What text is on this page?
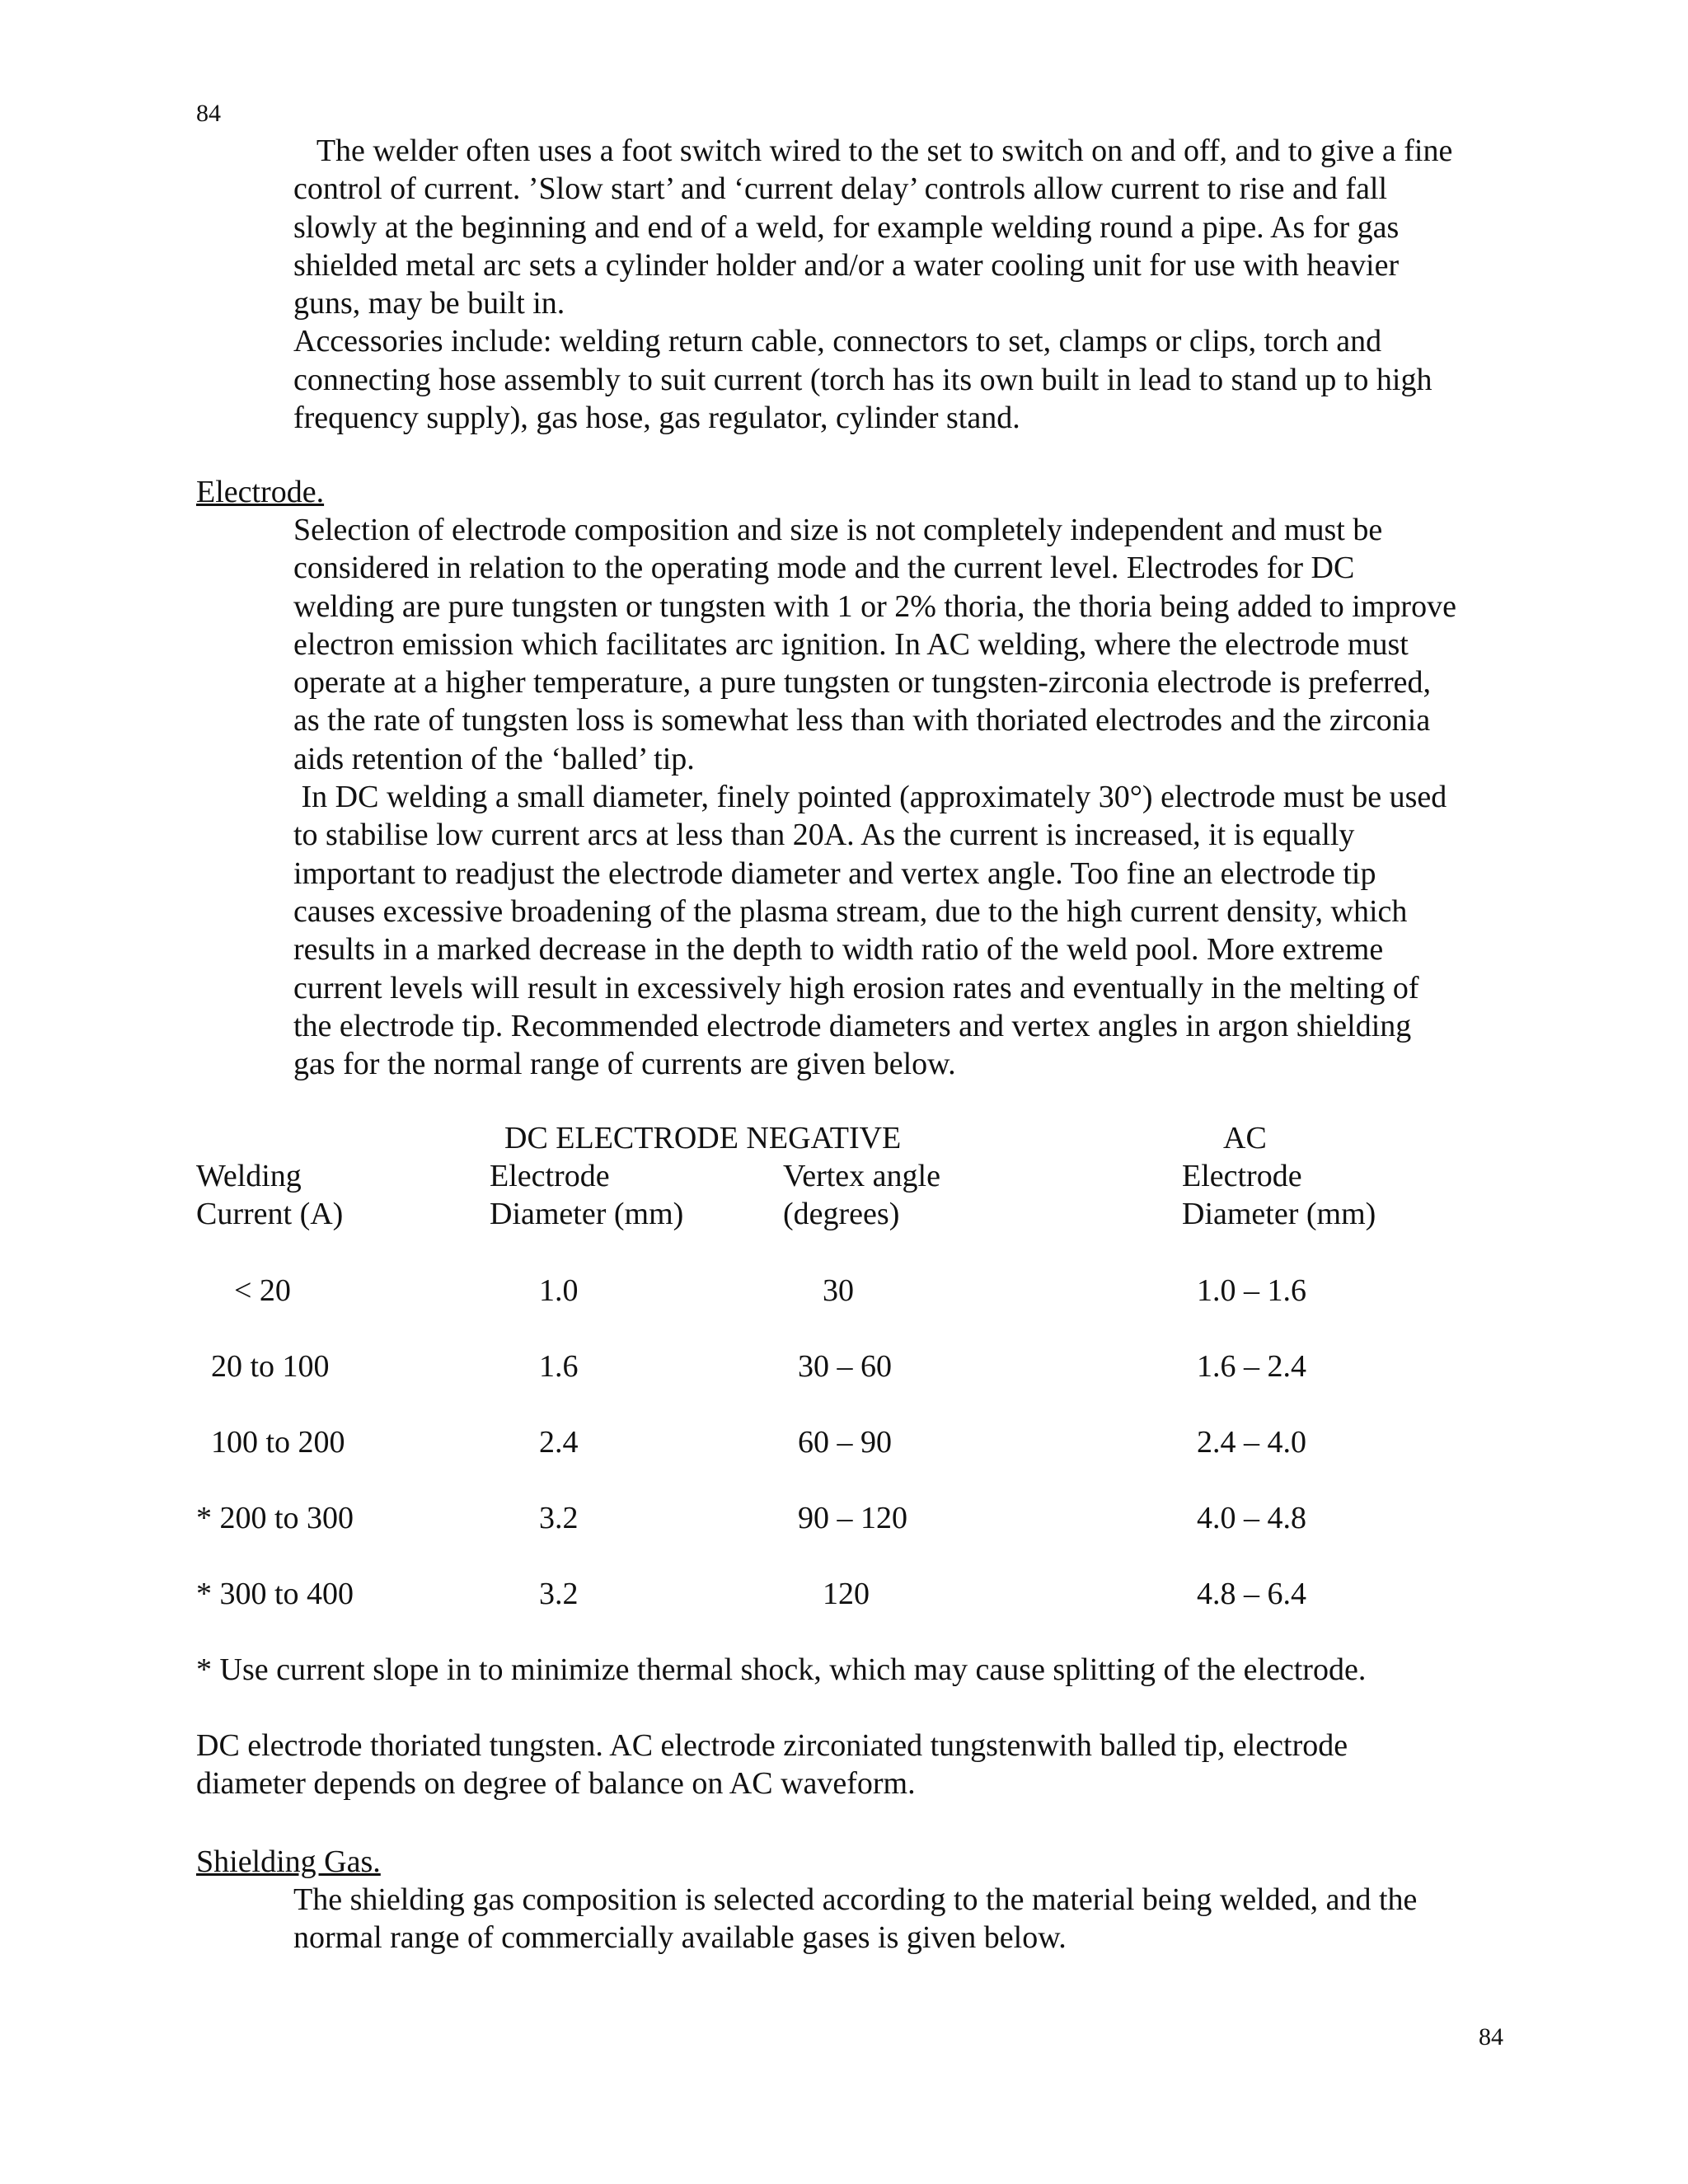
84
The welder often uses a foot switch wired to the set to switch on and off, and to give a fine
control of current. ’Slow start’ and ‘current delay’ controls allow current to rise and fall
slowly at the beginning and end of a weld, for example welding round a pipe. As for gas
shielded metal arc sets a cylinder holder and/or a water cooling unit for use with heavier
guns, may be built in.
Accessories include: welding return cable, connectors to set, clamps or clips, torch and
connecting hose assembly to suit current (torch has its own built in lead to stand up to high
frequency supply), gas hose, gas regulator, cylinder stand.
Electrode.
Selection of electrode composition and size is not completely independent and must be
considered in relation to the operating mode and the current level. Electrodes for DC
welding are pure tungsten or tungsten with 1 or 2% thoria, the thoria being added to improve
electron emission which facilitates arc ignition. In AC welding, where the electrode must
operate at a higher temperature, a pure tungsten or tungsten-zirconia electrode is preferred,
as the rate of tungsten loss is somewhat less than with thoriated electrodes and the zirconia
aids retention of the ‘balled’ tip.
In DC welding a small diameter, finely pointed (approximately 30°) electrode must be used
to stabilise low current arcs at less than 20A. As the current is increased, it is equally
important to readjust the electrode diameter and vertex angle. Too fine an electrode tip
causes excessive broadening of the plasma stream, due to the high current density, which
results in a marked decrease in the depth to width ratio of the weld pool. More extreme
current levels will result in excessively high erosion rates and eventually in the melting of
the electrode tip. Recommended electrode diameters and vertex angles in argon shielding
gas for the normal range of currents are given below.
DC ELECTRODE NEGATIVE	AC
Welding	Electrode	Vertex angle	Electrode
Current (A)	Diameter (mm)	(degrees)	Diameter (mm)
< 20	1.0	30	1.0 – 1.6
20 to 100	1.6	30 – 60	1.6 – 2.4
100 to 200	2.4	60 – 90	2.4 – 4.0
* 200 to 300	3.2	90 – 120	4.0 – 4.8
* 300 to 400	3.2	120	4.8 – 6.4
* Use current slope in to minimize thermal shock, which may cause splitting of the electrode.
DC electrode thoriated tungsten. AC electrode zirconiated tungstenwith balled tip, electrode
diameter depends on degree of balance on AC waveform.
Shielding Gas.
The shielding gas composition is selected according to the material being welded, and the
normal range of commercially available gases is given below.
84
